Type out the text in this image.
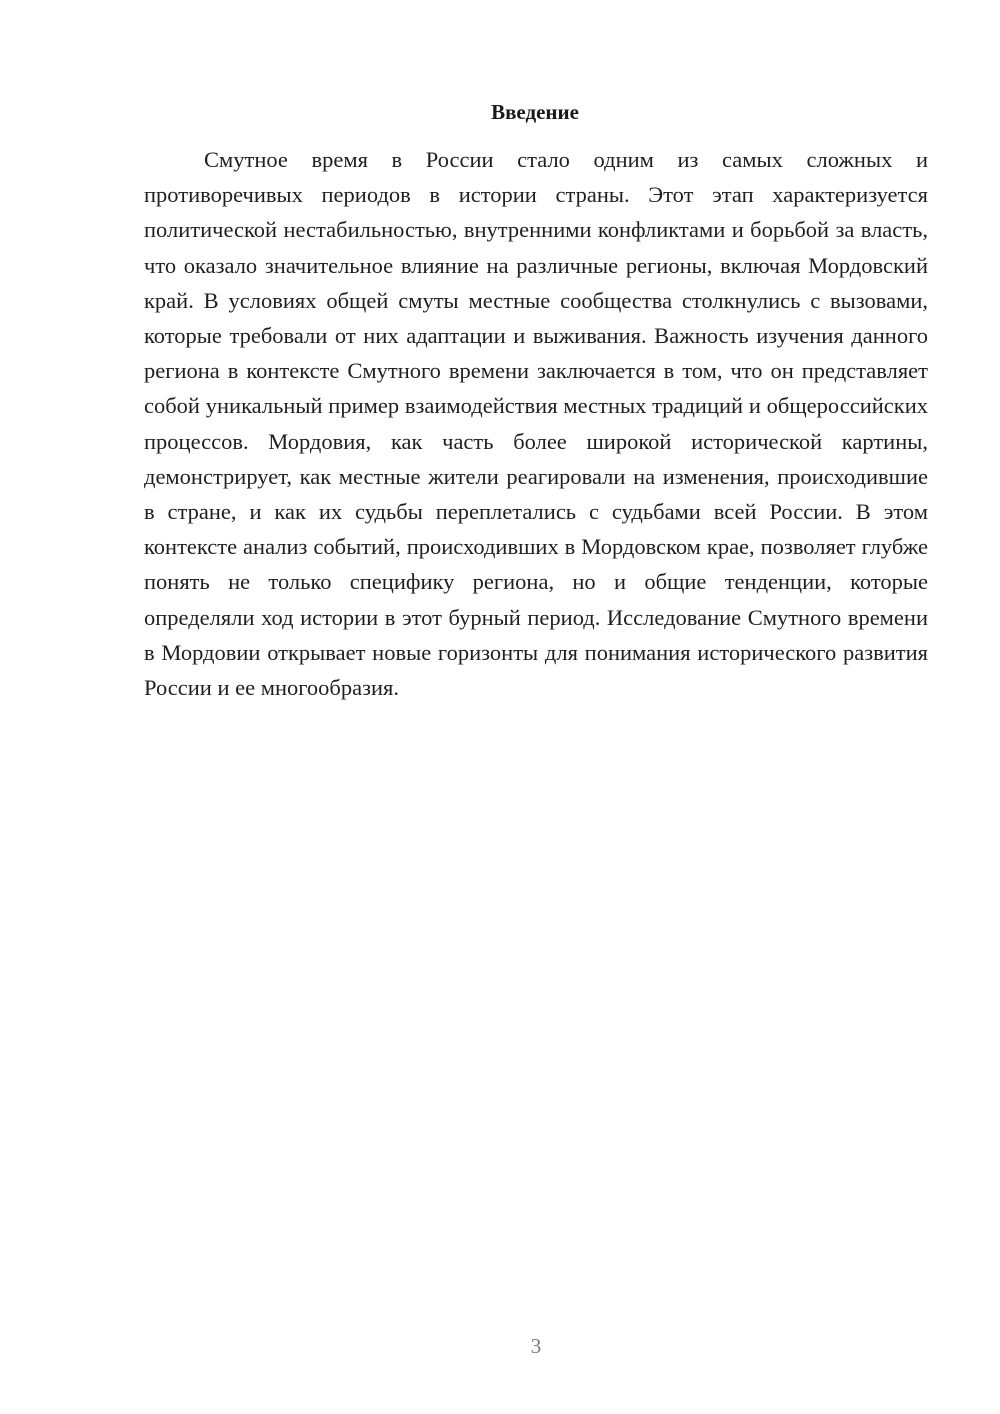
Введение

Смутное время в России стало одним из самых сложных и противоречивых периодов в истории страны. Этот этап характеризуется политической нестабильностью, внутренними конфликтами и борьбой за власть, что оказало значительное влияние на различные регионы, включая Мордовский край. В условиях общей смуты местные сообщества столкнулись с вызовами, которые требовали от них адаптации и выживания. Важность изучения данного региона в контексте Смутного времени заключается в том, что он представляет собой уникальный пример взаимодействия местных традиций и общероссийских процессов. Мордовия, как часть более широкой исторической картины, демонстрирует, как местные жители реагировали на изменения, происходившие в стране, и как их судьбы переплетались с судьбами всей России. В этом контексте анализ событий, происходивших в Мордовском крае, позволяет глубже понять не только специфику региона, но и общие тенденции, которые определяли ход истории в этот бурный период. Исследование Смутного времени в Мордовии открывает новые горизонты для понимания исторического развития России и ее многообразия.

3
